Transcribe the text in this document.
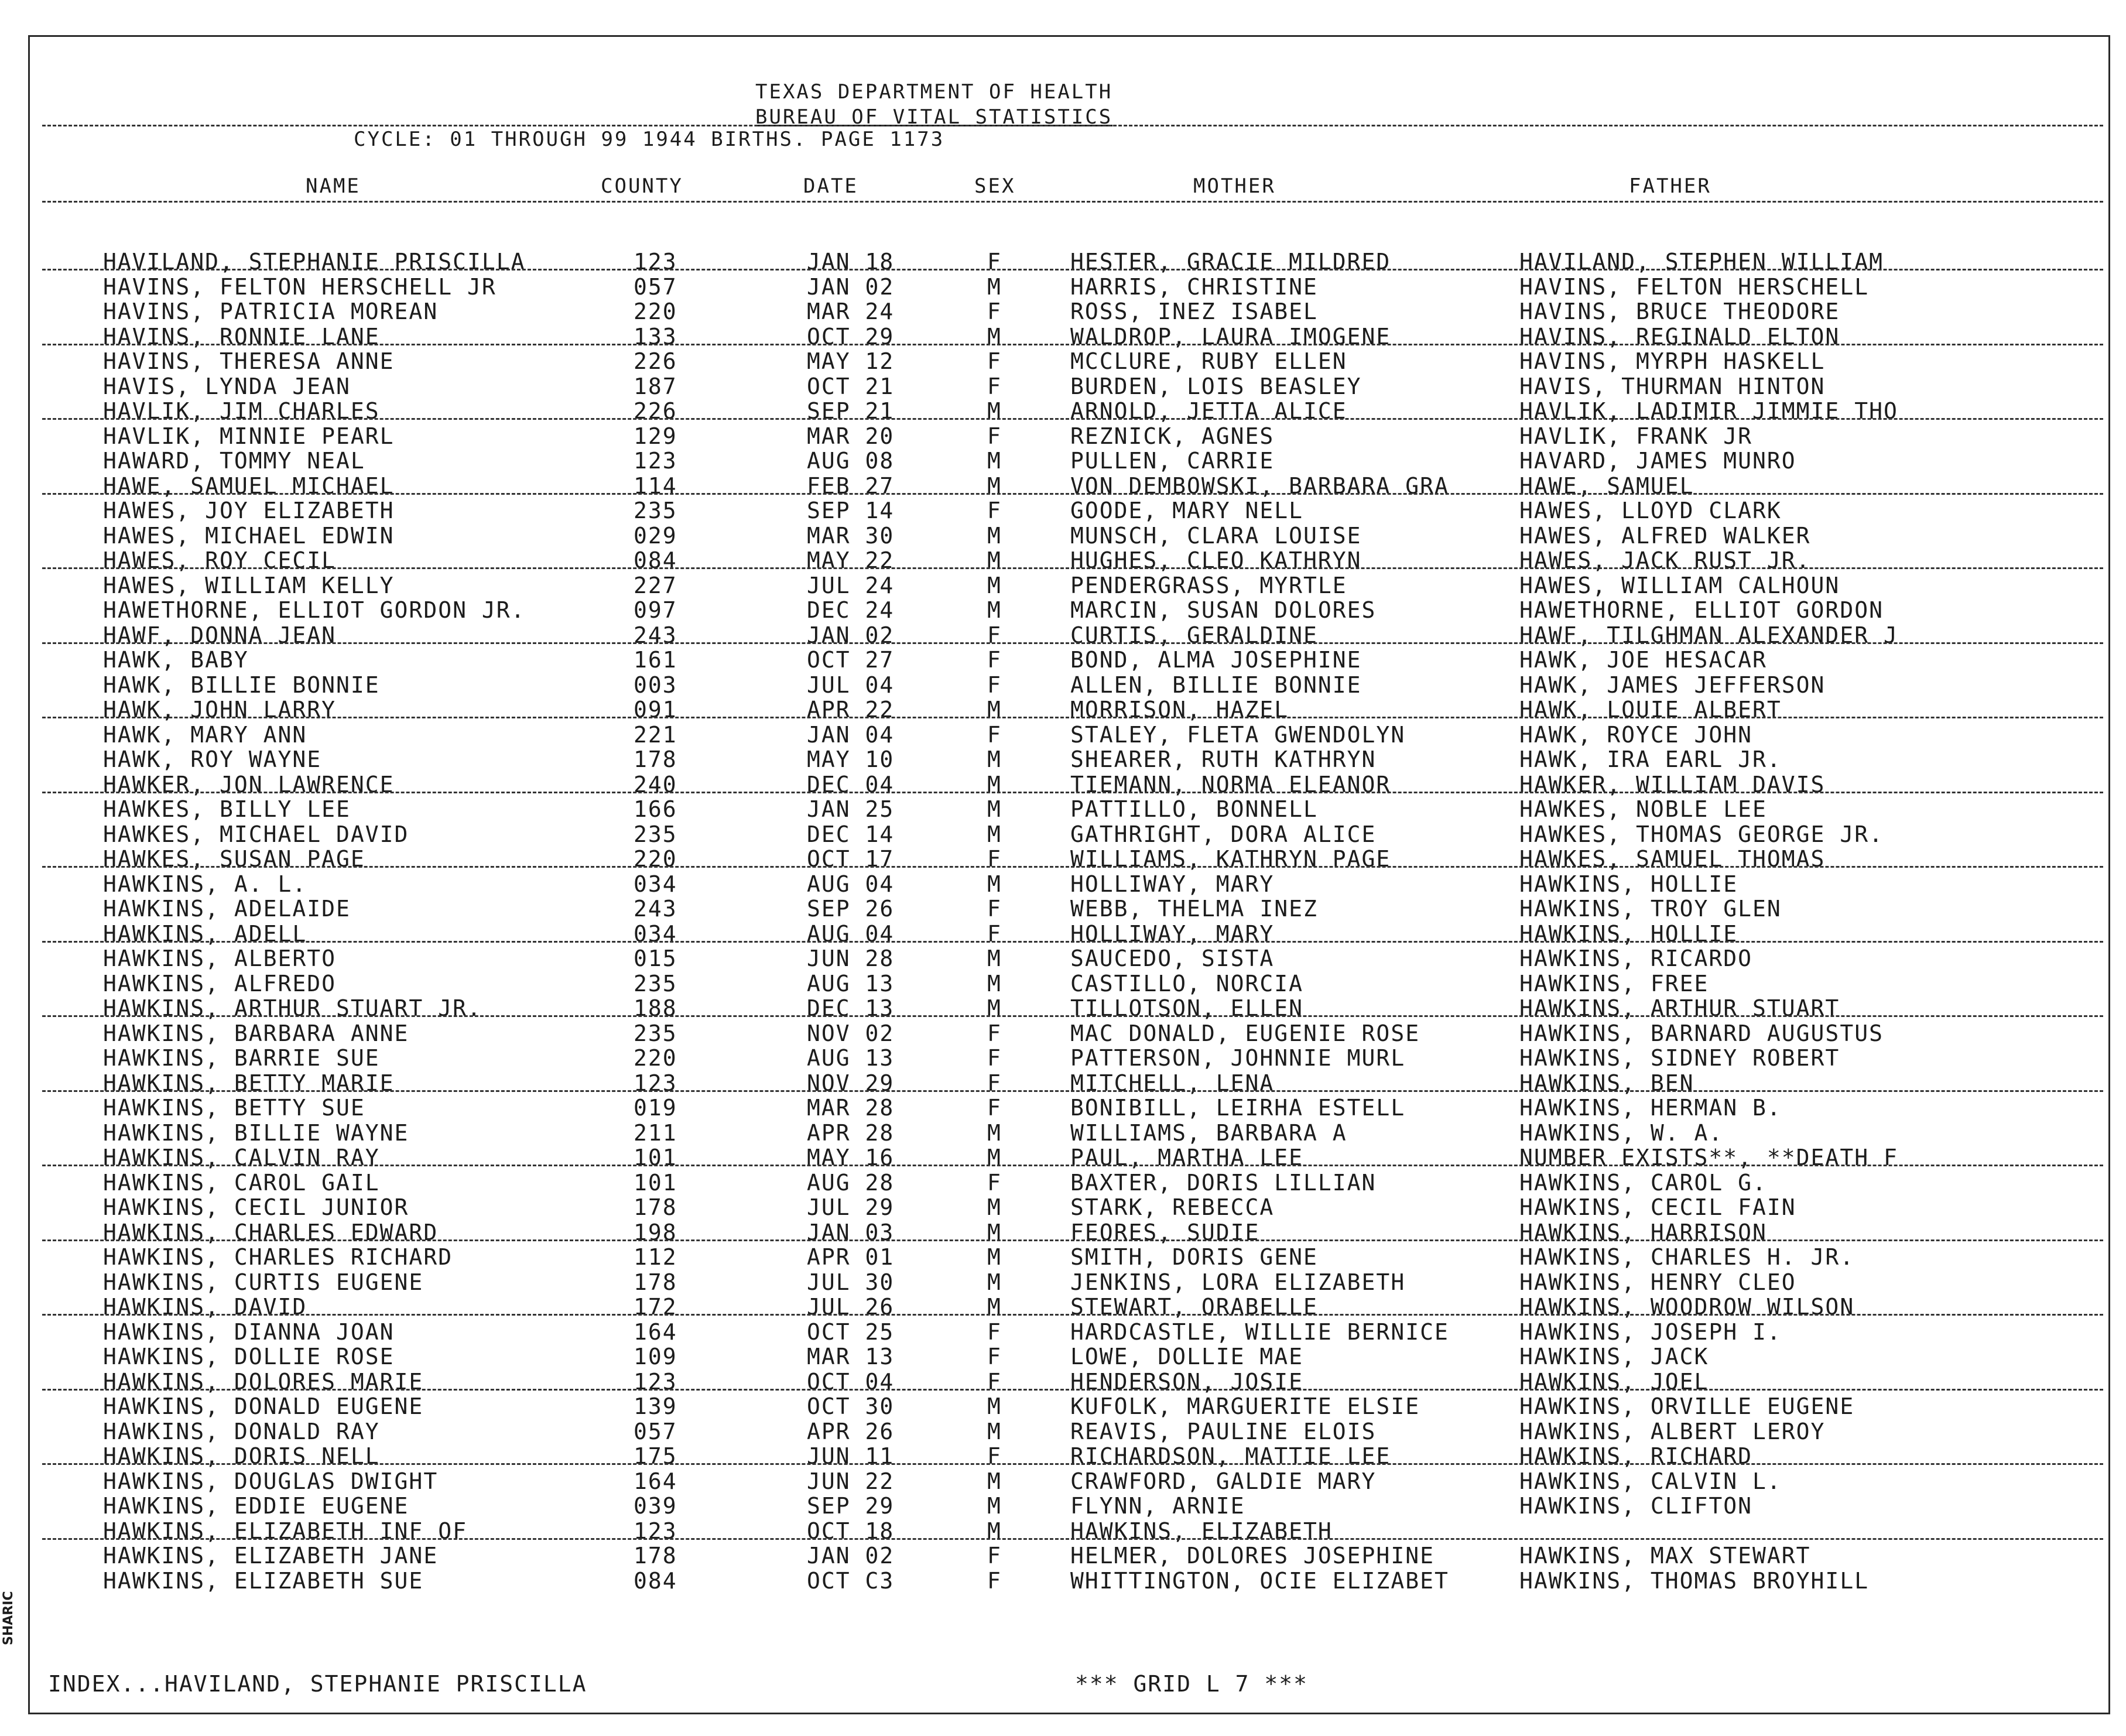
TEXAS DEPARTMENT OF HEALTH
BUREAU OF VITAL STATISTICS
CYCLE: 01 THROUGH 99 1944 BIRTHS. PAGE 1173
NAME	COUNTY	DATE	SEX	MOTHER	FATHER
HAVILAND, STEPHANIE PRISCILLA	123	JAN 18	F	HESTER, GRACIE MILDRED	HAVILAND, STEPHEN WILLIAM
HAVINS, FELTON HERSCHELL JR	057	JAN 02	M	HARRIS, CHRISTINE	HAVINS, FELTON HERSCHELL
HAVINS, PATRICIA MOREAN	220	MAR 24	F	ROSS, INEZ ISABEL	HAVINS, BRUCE THEODORE
HAVINS, RONNIE LANE	133	OCT 29	M	WALDROP, LAURA IMOGENE	HAVINS, REGINALD ELTON
HAVINS, THERESA ANNE	226	MAY 12	F	MCCLURE, RUBY ELLEN	HAVINS, MYRPH HASKELL
HAVIS, LYNDA JEAN	187	OCT 21	F	BURDEN, LOIS BEASLEY	HAVIS, THURMAN HINTON
HAVLIK, JIM CHARLES	226	SEP 21	M	ARNOLD, JETTA ALICE	HAVLIK, LADIMIR JIMMIE THO
HAVLIK, MINNIE PEARL	129	MAR 20	F	REZNICK, AGNES	HAVLIK, FRANK JR
HAWARD, TOMMY NEAL	123	AUG 08	M	PULLEN, CARRIE	HAVARD, JAMES MUNRO
HAWE, SAMUEL MICHAEL	114	FEB 27	M	VON DEMBOWSKI, BARBARA GRA	HAWE, SAMUEL
HAWES, JOY ELIZABETH	235	SEP 14	F	GOODE, MARY NELL	HAWES, LLOYD CLARK
HAWES, MICHAEL EDWIN	029	MAR 30	M	MUNSCH, CLARA LOUISE	HAWES, ALFRED WALKER
HAWES, ROY CECIL	084	MAY 22	M	HUGHES, CLEO KATHRYN	HAWES, JACK RUST JR.
HAWES, WILLIAM KELLY	227	JUL 24	M	PENDERGRASS, MYRTLE	HAWES, WILLIAM CALHOUN
HAWETHORNE, ELLIOT GORDON JR.	097	DEC 24	M	MARCIN, SUSAN DOLORES	HAWETHORNE, ELLIOT GORDON
HAWF, DONNA JEAN	243	JAN 02	F	CURTIS, GERALDINE	HAWF, TILGHMAN ALEXANDER J
HAWK, BABY	161	OCT 27	F	BOND, ALMA JOSEPHINE	HAWK, JOE HESACAR
HAWK, BILLIE BONNIE	003	JUL 04	F	ALLEN, BILLIE BONNIE	HAWK, JAMES JEFFERSON
HAWK, JOHN LARRY	091	APR 22	M	MORRISON, HAZEL	HAWK, LOUIE ALBERT
HAWK, MARY ANN	221	JAN 04	F	STALEY, FLETA GWENDOLYN	HAWK, ROYCE JOHN
HAWK, ROY WAYNE	178	MAY 10	M	SHEARER, RUTH KATHRYN	HAWK, IRA EARL JR.
HAWKER, JON LAWRENCE	240	DEC 04	M	TIEMANN, NORMA ELEANOR	HAWKER, WILLIAM DAVIS
HAWKES, BILLY LEE	166	JAN 25	M	PATTILLO, BONNELL	HAWKES, NOBLE LEE
HAWKES, MICHAEL DAVID	235	DEC 14	M	GATHRIGHT, DORA ALICE	HAWKES, THOMAS GEORGE JR.
HAWKES, SUSAN PAGE	220	OCT 17	F	WILLIAMS, KATHRYN PAGE	HAWKES, SAMUEL THOMAS
HAWKINS, A. L.	034	AUG 04	M	HOLLIWAY, MARY	HAWKINS, HOLLIE
HAWKINS, ADELAIDE	243	SEP 26	F	WEBB, THELMA INEZ	HAWKINS, TROY GLEN
HAWKINS, ADELL	034	AUG 04	F	HOLLIWAY, MARY	HAWKINS, HOLLIE
HAWKINS, ALBERTO	015	JUN 28	M	SAUCEDO, SISTA	HAWKINS, RICARDO
HAWKINS, ALFREDO	235	AUG 13	M	CASTILLO, NORCIA	HAWKINS, FREE
HAWKINS, ARTHUR STUART JR.	188	DEC 13	M	TILLOTSON, ELLEN	HAWKINS, ARTHUR STUART
HAWKINS, BARBARA ANNE	235	NOV 02	F	MAC DONALD, EUGENIE ROSE	HAWKINS, BARNARD AUGUSTUS
HAWKINS, BARRIE SUE	220	AUG 13	F	PATTERSON, JOHNNIE MURL	HAWKINS, SIDNEY ROBERT
HAWKINS, BETTY MARIE	123	NOV 29	F	MITCHELL, LENA	HAWKINS, BEN
HAWKINS, BETTY SUE	019	MAR 28	F	BONIBILL, LEIRHA ESTELL	HAWKINS, HERMAN B.
HAWKINS, BILLIE WAYNE	211	APR 28	M	WILLIAMS, BARBARA A	HAWKINS, W. A.
HAWKINS, CALVIN RAY	101	MAY 16	M	PAUL, MARTHA LEE	NUMBER EXISTS**, **DEATH F
HAWKINS, CAROL GAIL	101	AUG 28	F	BAXTER, DORIS LILLIAN	HAWKINS, CAROL G.
HAWKINS, CECIL JUNIOR	178	JUL 29	M	STARK, REBECCA	HAWKINS, CECIL FAIN
HAWKINS, CHARLES EDWARD	198	JAN 03	M	FEORES, SUDIE	HAWKINS, HARRISON
HAWKINS, CHARLES RICHARD	112	APR 01	M	SMITH, DORIS GENE	HAWKINS, CHARLES H. JR.
HAWKINS, CURTIS EUGENE	178	JUL 30	M	JENKINS, LORA ELIZABETH	HAWKINS, HENRY CLEO
HAWKINS, DAVID	172	JUL 26	M	STEWART, ORABELLE	HAWKINS, WOODROW WILSON
HAWKINS, DIANNA JOAN	164	OCT 25	F	HARDCASTLE, WILLIE BERNICE	HAWKINS, JOSEPH I.
HAWKINS, DOLLIE ROSE	109	MAR 13	F	LOWE, DOLLIE MAE	HAWKINS, JACK
HAWKINS, DOLORES MARIE	123	OCT 04	F	HENDERSON, JOSIE	HAWKINS, JOEL
HAWKINS, DONALD EUGENE	139	OCT 30	M	KUFOLK, MARGUERITE ELSIE	HAWKINS, ORVILLE EUGENE
HAWKINS, DONALD RAY	057	APR 26	M	REAVIS, PAULINE ELOIS	HAWKINS, ALBERT LEROY
HAWKINS, DORIS NELL	175	JUN 11	F	RICHARDSON, MATTIE LEE	HAWKINS, RICHARD
HAWKINS, DOUGLAS DWIGHT	164	JUN 22	M	CRAWFORD, GALDIE MARY	HAWKINS, CALVIN L.
HAWKINS, EDDIE EUGENE	039	SEP 29	M	FLYNN, ARNIE	HAWKINS, CLIFTON
HAWKINS, ELIZABETH INF OF	123	OCT 18	M	HAWKINS, ELIZABETH
HAWKINS, ELIZABETH JANE	178	JAN 02	F	HELMER, DOLORES JOSEPHINE	HAWKINS, MAX STEWART
HAWKINS, ELIZABETH SUE	084	OCT C3	F	WHITTINGTON, OCIE ELIZABET	HAWKINS, THOMAS BROYHILL
INDEX...HAVILAND, STEPHANIE PRISCILLA	*** GRID L 7 ***
SHARIC
